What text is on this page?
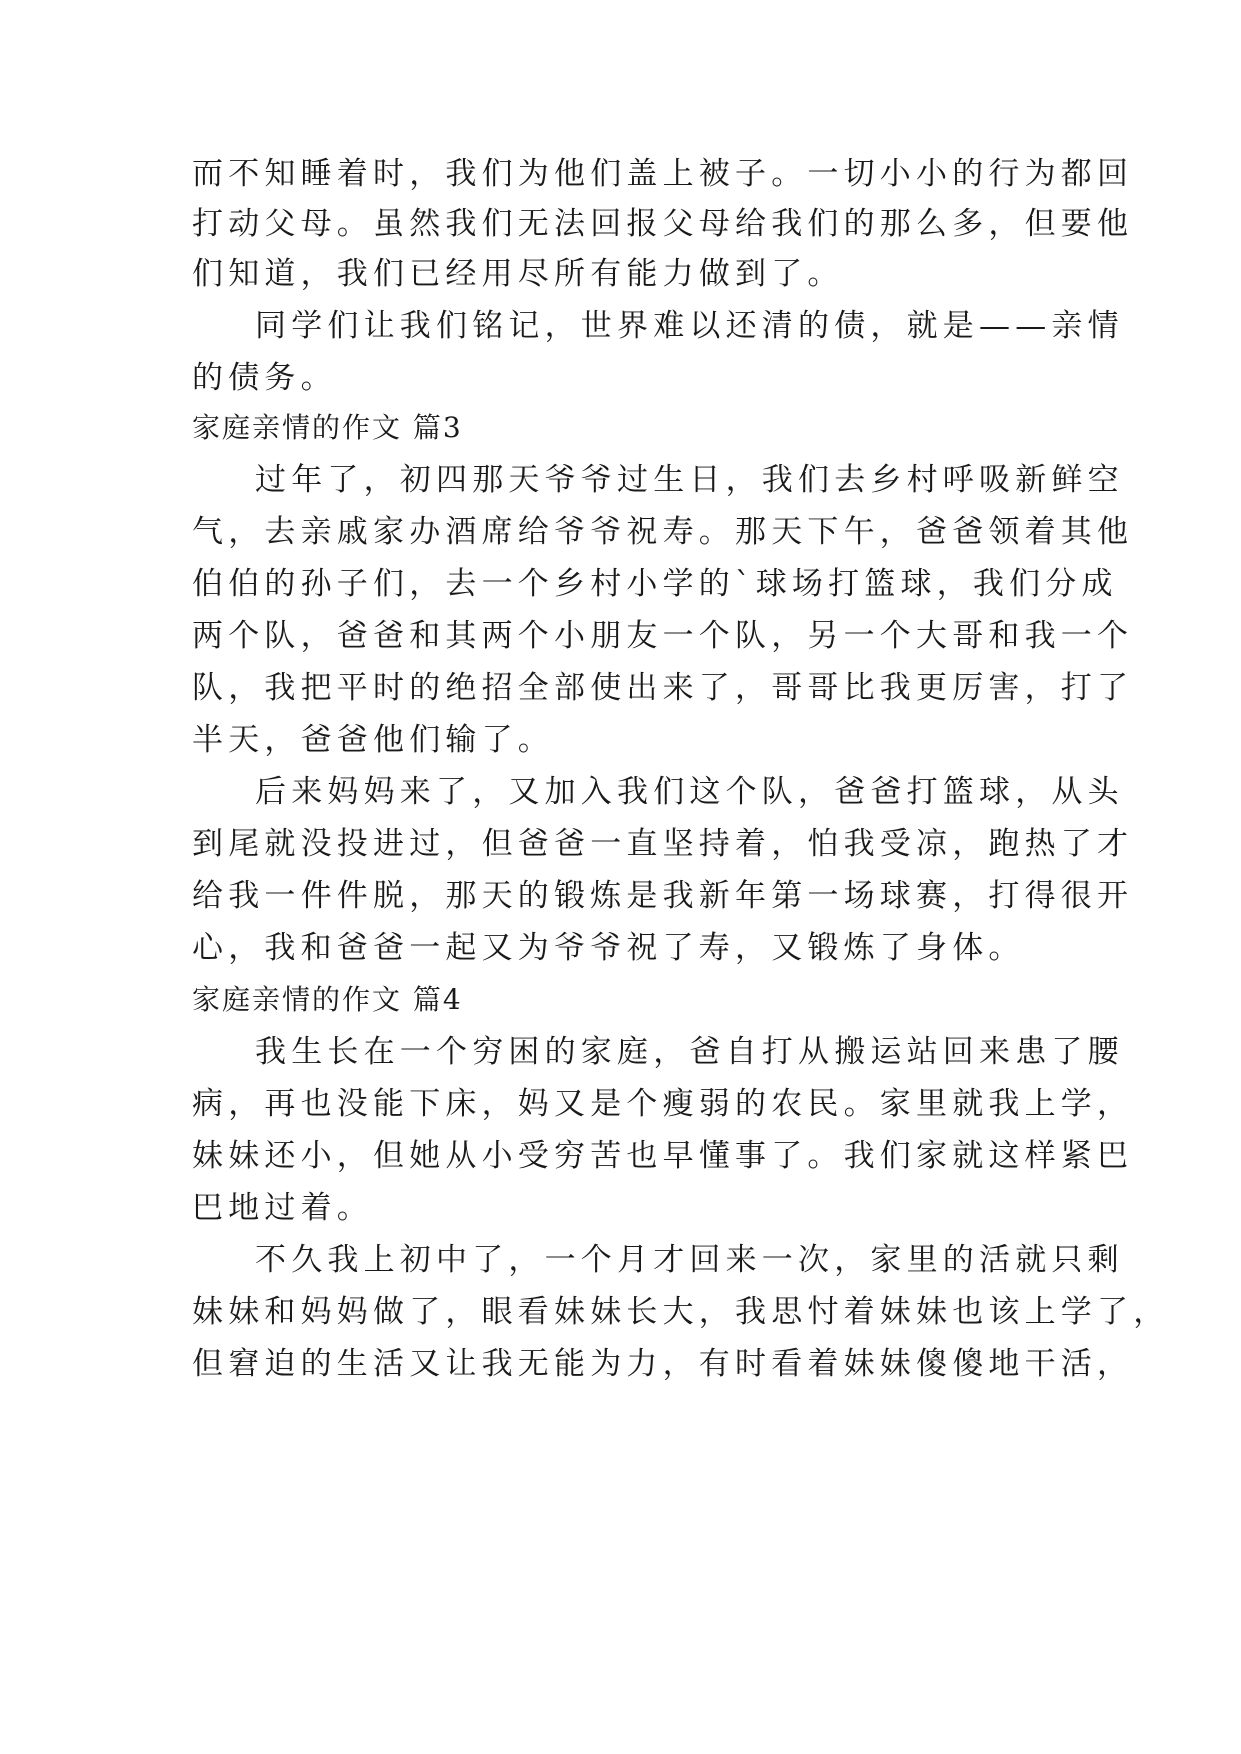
而不知睡着时，我们为他们盖上被子。一切小小的行为都回
打动父母。虽然我们无法回报父母给我们的那么多，但要他
们知道，我们已经用尽所有能力做到了。
同学们让我们铭记，世界难以还清的债，就是——亲情
的债务。
家庭亲情的作文 篇3
过年了，初四那天爷爷过生日，我们去乡村呼吸新鲜空
气，去亲戚家办酒席给爷爷祝寿。那天下午，爸爸领着其他
伯伯的孙子们，去一个乡村小学的`球场打篮球，我们分成
两个队，爸爸和其两个小朋友一个队，另一个大哥和我一个
队，我把平时的绝招全部使出来了，哥哥比我更厉害，打了
半天，爸爸他们输了。
后来妈妈来了，又加入我们这个队，爸爸打篮球，从头
到尾就没投进过，但爸爸一直坚持着，怕我受凉，跑热了才
给我一件件脱，那天的锻炼是我新年第一场球赛，打得很开
心，我和爸爸一起又为爷爷祝了寿，又锻炼了身体。
家庭亲情的作文 篇4
我生长在一个穷困的家庭，爸自打从搬运站回来患了腰
病，再也没能下床，妈又是个瘦弱的农民。家里就我上学，
妹妹还小，但她从小受穷苦也早懂事了。我们家就这样紧巴
巴地过着。
不久我上初中了，一个月才回来一次，家里的活就只剩
妹妹和妈妈做了，眼看妹妹长大，我思忖着妹妹也该上学了，
但窘迫的生活又让我无能为力，有时看着妹妹傻傻地干活，
